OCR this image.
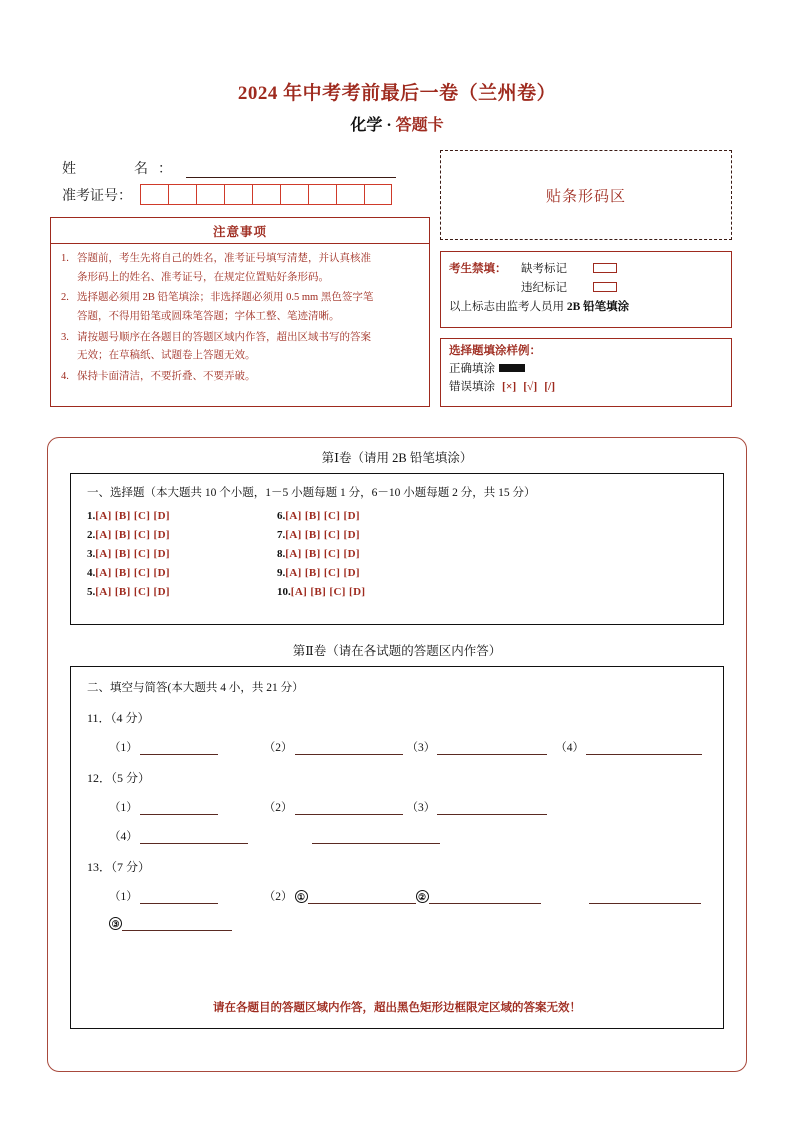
2024 年中考考前最后一卷（兰州卷）
化学 · 答题卡
姓　　名：
准考证号：	贴条形码区
注意事项
1. 答题前，考生先将自己的姓名，准考证号填写清楚，并认真核准
条形码上的姓名、准考证号，在规定位置贴好条形码。
2. 选择题必须用 2B 铅笔填涂；非选择题必须用 0.5 mm 黑色签字笔
答题，不得用铅笔或圆珠笔答题；字体工整、笔迹清晰。
3. 请按题号顺序在各题目的答题区域内作答，超出区域书写的答案
无效；在草稿纸、试题卷上答题无效。
4. 保持卡面清洁，不要折叠、不要弄破。
考生禁填：	缺考标记
违纪标记
以上标志由监考人员用 2B 铅笔填涂
选择题填涂样例：
正确填涂
错误填涂 [×] [√] [/]
第Ⅰ卷（请用 2B 铅笔填涂）
一、选择题（本大题共 10 个小题，1－5 小题每题 1 分，6－10 小题每题 2 分，共 15 分）
1.[A] [B] [C] [D]
2.[A] [B] [C] [D]
3.[A] [B] [C] [D]
4.[A] [B] [C] [D]
5.[A] [B] [C] [D]
6.[A] [B] [C] [D]
7.[A] [B] [C] [D]
8.[A] [B] [C] [D]
9.[A] [B] [C] [D]
10.[A] [B] [C] [D]
第Ⅱ卷（请在各试题的答题区内作答）
二、填空与简答(本大题共 4 小，共 21 分）
11．（4 分）
（1）	（2）	（3）	（4）
12．（5 分）
（1）	（2）	（3）
（4）
13．（7 分）
（1）	（2） ①	②
③
请在各题目的答题区域内作答，超出黑色矩形边框限定区域的答案无效！
